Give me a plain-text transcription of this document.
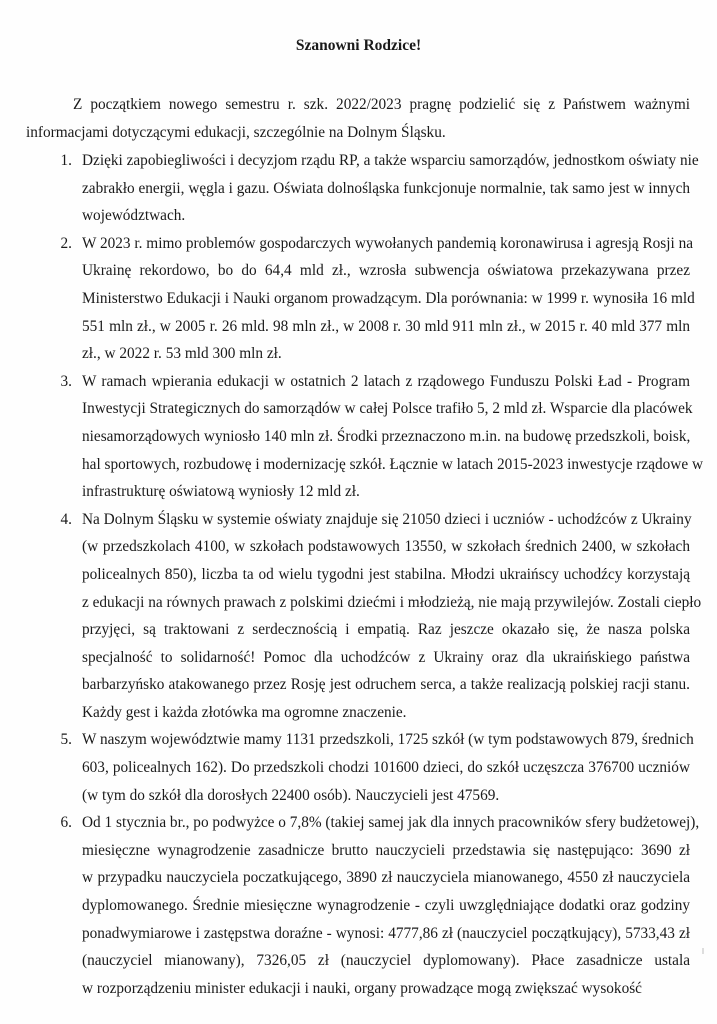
Szanowni Rodzice!
Z początkiem nowego semestru r. szk. 2022/2023 pragnę podzielić się z Państwem ważnymi
informacjami dotyczącymi edukacji, szczególnie na Dolnym Śląsku.
1. Dzięki zapobiegliwości i decyzjom rządu RP, a także wsparciu samorządów, jednostkom oświaty nie
zabrakło energii, węgla i gazu. Oświata dolnośląska funkcjonuje normalnie, tak samo jest w innych
województwach.
2. W 2023 r. mimo problemów gospodarczych wywołanych pandemią koronawirusa i agresją Rosji na
Ukrainę rekordowo, bo do 64,4 mld zł., wzrosła subwencja oświatowa przekazywana przez
Ministerstwo Edukacji i Nauki organom prowadzącym. Dla porównania: w 1999 r. wynosiła 16 mld
551 mln zł., w 2005 r. 26 mld. 98 mln zł., w 2008 r. 30 mld 911 mln zł., w 2015 r. 40 mld 377 mln
zł., w 2022 r. 53 mld 300 mln zł.
3. W ramach wpierania edukacji w ostatnich 2 latach z rządowego Funduszu Polski Ład - Program
Inwestycji Strategicznych do samorządów w całej Polsce trafiło 5, 2 mld zł. Wsparcie dla placówek
niesamorządowych wyniosło 140 mln zł. Środki przeznaczono m.in. na budowę przedszkoli, boisk,
hal sportowych, rozbudowę i modernizację szkół. Łącznie w latach 2015-2023 inwestycje rządowe w
infrastrukturę oświatową wyniosły 12 mld zł.
4. Na Dolnym Śląsku w systemie oświaty znajduje się 21050 dzieci i uczniów - uchodźców z Ukrainy
(w przedszkolach 4100, w szkołach podstawowych 13550, w szkołach średnich 2400, w szkołach
policealnych 850), liczba ta od wielu tygodni jest stabilna. Młodzi ukraińscy uchodźcy korzystają
z edukacji na równych prawach z polskimi dziećmi i młodzieżą, nie mają przywilejów. Zostali ciepło
przyjęci, są traktowani z serdecznością i empatią. Raz jeszcze okazało się, że nasza polska
specjalność to solidarność! Pomoc dla uchodźców z Ukrainy oraz dla ukraińskiego państwa
barbarzyńsko atakowanego przez Rosję jest odruchem serca, a także realizacją polskiej racji stanu.
Każdy gest i każda złotówka ma ogromne znaczenie.
5. W naszym województwie mamy 1131 przedszkoli, 1725 szkół (w tym podstawowych 879, średnich
603, policealnych 162). Do przedszkoli chodzi 101600 dzieci, do szkół uczęszcza 376700 uczniów
(w tym do szkół dla dorosłych 22400 osób). Nauczycieli jest 47569.
6. Od 1 stycznia br., po podwyżce o 7,8% (takiej samej jak dla innych pracowników sfery budżetowej),
miesięczne wynagrodzenie zasadnicze brutto nauczycieli przedstawia się następująco: 3690 zł
w przypadku nauczyciela poczatkującego, 3890 zł nauczyciela mianowanego, 4550 zł nauczyciela
dyplomowanego. Średnie miesięczne wynagrodzenie - czyli uwzględniające dodatki oraz godziny
ponadwymiarowe i zastępstwa doraźne - wynosi: 4777,86 zł (nauczyciel początkujący), 5733,43 zł
(nauczyciel mianowany), 7326,05 zł (nauczyciel dyplomowany). Płace zasadnicze ustala
w rozporządzeniu minister edukacji i nauki, organy prowadzące mogą zwiększać wysokość
